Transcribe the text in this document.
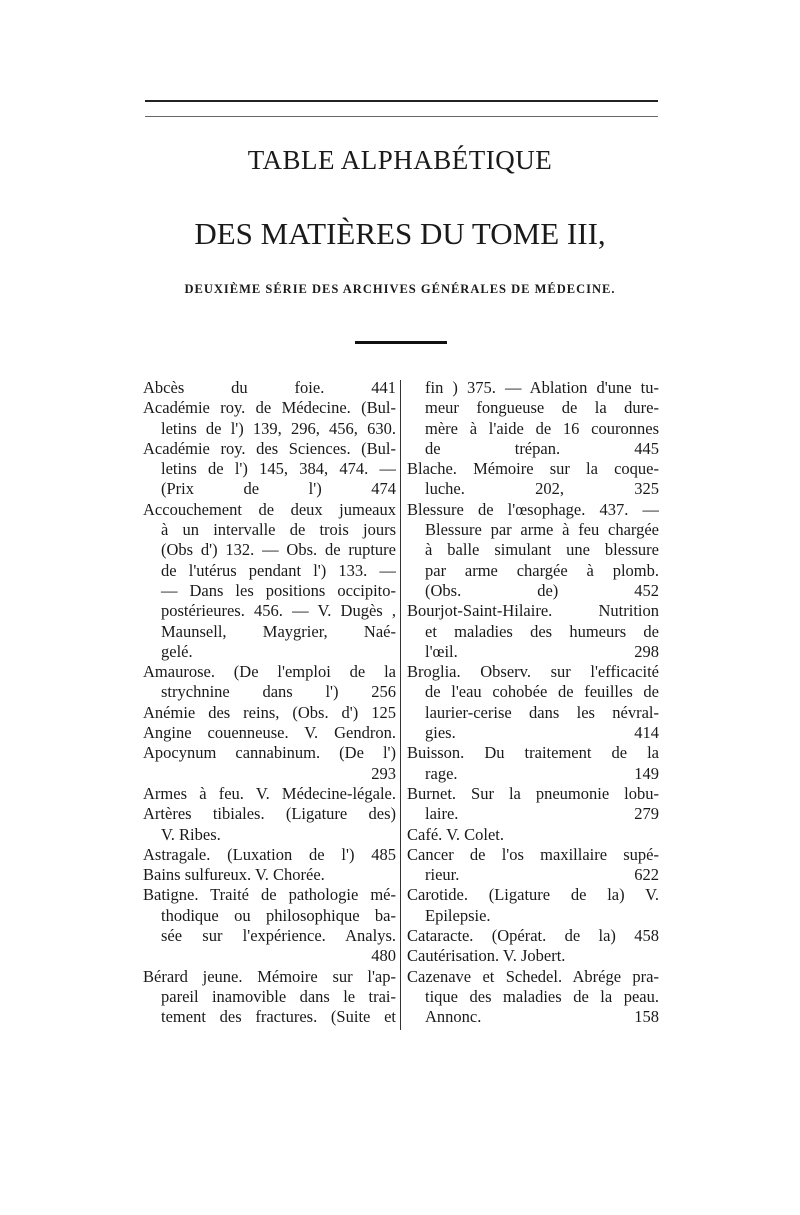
TABLE ALPHABÉTIQUE
DES MATIÈRES DU TOME III,
DEUXIÈME SÉRIE DES ARCHIVES GÉNÉRALES DE MÉDECINE.
Abcès du foie. 441
Académie roy. de Médecine. (Bul-
letins de l') 139, 296, 456, 630.
Académie roy. des Sciences. (Bul-
letins de l') 145, 384, 474. —
(Prix de l') 474
Accouchement de deux jumeaux
à un intervalle de trois jours
(Obs d') 132. — Obs. de rupture
de l'utérus pendant l') 133. —
— Dans les positions occipito-
postérieures. 456. — V. Dugès ,
Maunsell, Maygrier, Naé-
gelé.
Amaurose. (De l'emploi de la
strychnine dans l') 256
Anémie des reins, (Obs. d') 125
Angine couenneuse. V. Gendron.
Apocynum cannabinum. (De l')
293
Armes à feu. V. Médecine-légale.
Artères tibiales. (Ligature des)
V. Ribes.
Astragale. (Luxation de l') 485
Bains sulfureux. V. Chorée.
Batigne. Traité de pathologie mé-
thodique ou philosophique ba-
sée sur l'expérience. Analys.
480
Bérard jeune. Mémoire sur l'ap-
pareil inamovible dans le trai-
tement des fractures. (Suite et
fin ) 375. — Ablation d'une tu-
meur fongueuse de la dure-
mère à l'aide de 16 couronnes
de trépan. 445
Blache. Mémoire sur la coque-
luche. 202, 325
Blessure de l'œsophage. 437. —
Blessure par arme à feu chargée
à balle simulant une blessure
par arme chargée à plomb.
(Obs. de) 452
Bourjot-Saint-Hilaire. Nutrition
et maladies des humeurs de
l'œil. 298
Broglia. Observ. sur l'efficacité
de l'eau cohobée de feuilles de
laurier-cerise dans les névral-
gies. 414
Buisson. Du traitement de la
rage. 149
Burnet. Sur la pneumonie lobu-
laire. 279
Café. V. Colet.
Cancer de l'os maxillaire supé-
rieur. 622
Carotide. (Ligature de la) V.
Epilepsie.
Cataracte. (Opérat. de la) 458
Cautérisation. V. Jobert.
Cazenave et Schedel. Abrége pra-
tique des maladies de la peau.
Annonc. 158
